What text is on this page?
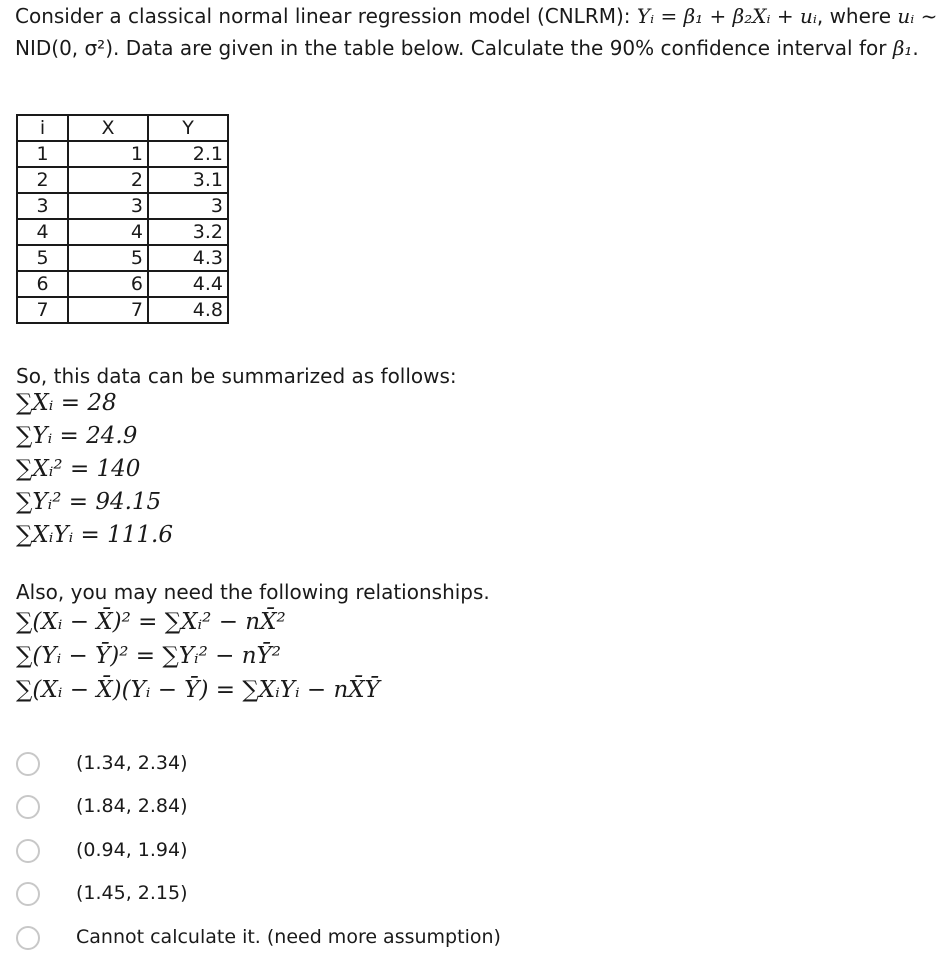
Consider a classical normal linear regression model (CNLRM): Yᵢ = β₁ + β₂Xᵢ + uᵢ, where uᵢ ~
NID(0, σ²). Data are given in the table below. Calculate the 90% confidence interval for β₁.
i	X	Y
1	1	2.1
2	2	3.1
3	3	3
4	4	3.2
5	5	4.3
6	6	4.4
7	7	4.8
So, this data can be summarized as follows:
∑Xᵢ = 28
∑Yᵢ = 24.9
∑Xᵢ² = 140
∑Yᵢ² = 94.15
∑XᵢYᵢ = 111.6
Also, you may need the following relationships.
∑(Xᵢ − X̄)² = ∑Xᵢ² − nX̄²
∑(Yᵢ − Ȳ)² = ∑Yᵢ² − nȲ²
∑(Xᵢ − X̄)(Yᵢ − Ȳ) = ∑XᵢYᵢ − nX̄Ȳ
(1.34, 2.34)
(1.84, 2.84)
(0.94, 1.94)
(1.45, 2.15)
Cannot calculate it. (need more assumption)
